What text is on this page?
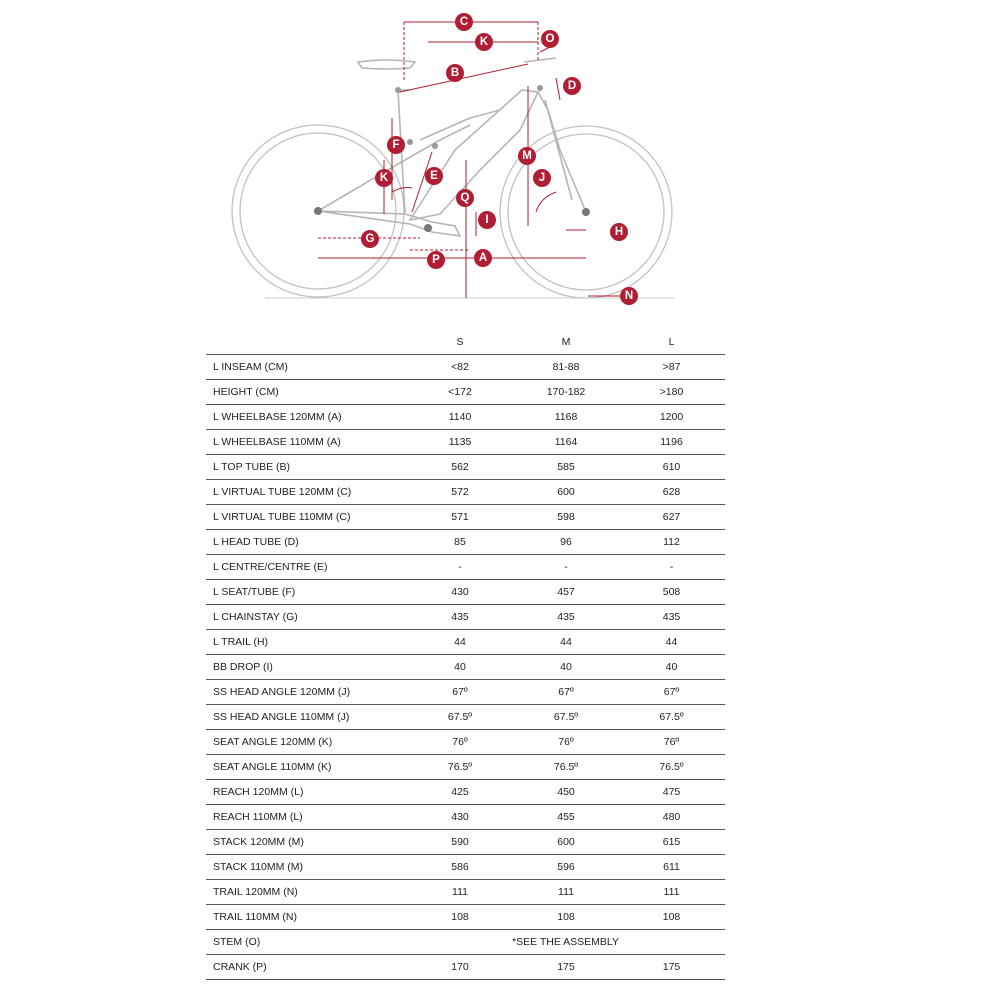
C
K	O
B
D
F
M
K	E	J
Q
I
H
G
A
P
N
	S	M	L
L INSEAM (CM)	<82	81-88	>87
HEIGHT (CM)	<172	170-182	>180
L WHEELBASE 120MM (A)	1140	1168	1200
L WHEELBASE 110MM (A)	1135	1164	1196
L TOP TUBE (B)	562	585	610
L VIRTUAL TUBE 120MM (C)	572	600	628
L VIRTUAL TUBE 110MM (C)	571	598	627
L HEAD TUBE (D)	85	96	112
L CENTRE/CENTRE (E)	-	-	-
L SEAT/TUBE (F)	430	457	508
L CHAINSTAY (G)	435	435	435
L TRAIL (H)	44	44	44
BB DROP (I)	40	40	40
SS HEAD ANGLE 120MM (J)	67º	67º	67º
SS HEAD ANGLE 110MM (J)	67.5º	67.5º	67.5º
SEAT ANGLE 120MM (K)	76º	76º	76º
SEAT ANGLE 110MM (K)	76.5º	76.5º	76.5º
REACH 120MM (L)	425	450	475
REACH 110MM (L)	430	455	480
STACK 120MM (M)	590	600	615
STACK 110MM (M)	586	596	611
TRAIL 120MM (N)	111	111	111
TRAIL 110MM (N)	108	108	108
STEM (O)	*SEE THE ASSEMBLY		
CRANK (P)	170	175	175
